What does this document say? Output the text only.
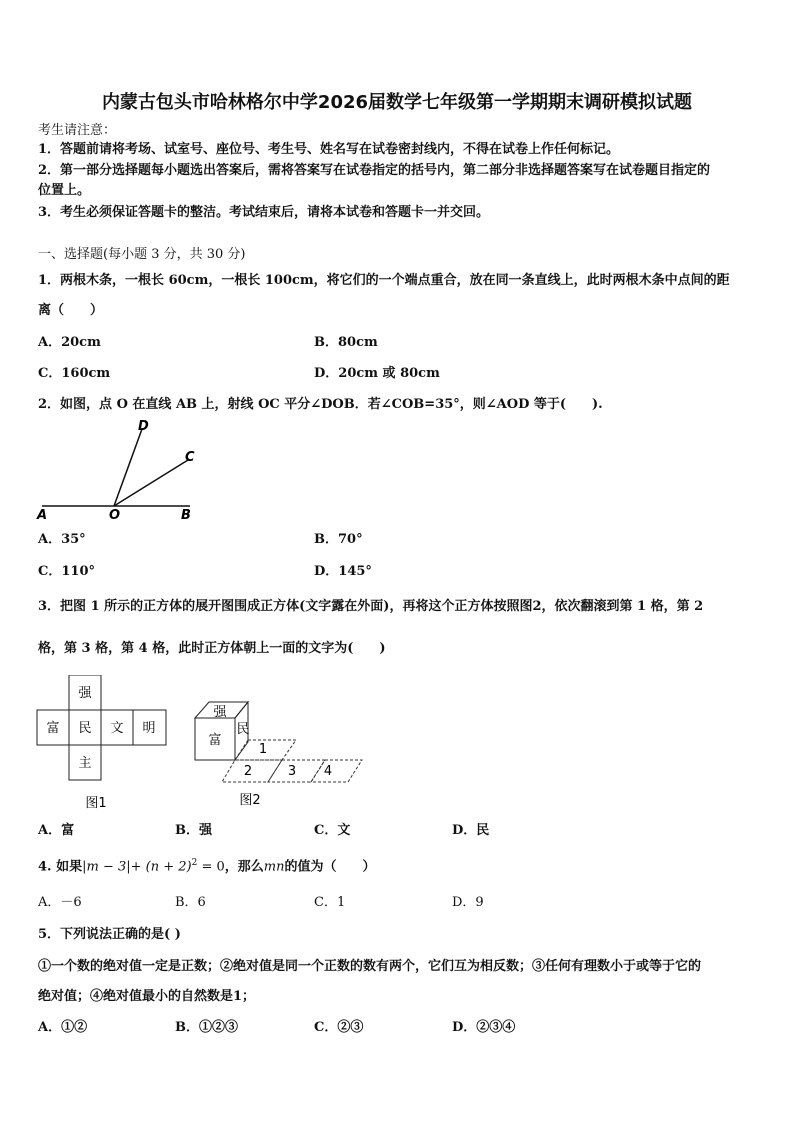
内蒙古包头市哈林格尔中学2026届数学七年级第一学期期末调研模拟试题
考生请注意：
1．答题前请将考场、试室号、座位号、考生号、姓名写在试卷密封线内，不得在试卷上作任何标记。
2．第一部分选择题每小题选出答案后，需将答案写在试卷指定的括号内，第二部分非选择题答案写在试卷题目指定的
位置上。
3．考生必须保证答题卡的整洁。考试结束后，请将本试卷和答题卡一并交回。
一、选择题(每小题 3 分，共 30 分)
1．两根木条，一根长 60cm，一根长 100cm，将它们的一个端点重合，放在同一条直线上，此时两根木条中点间的距
离（　　）
A．20cm	B．80cm
C．160cm	D．20cm 或 80cm
2．如图，点 O 在直线 AB 上，射线 OC 平分∠DOB．若∠COB=35°，则∠AOD 等于(　　).
A	O	B
C
D
A．35°	B．70°
C．110°	D．145°
3．把图 1 所示的正方体的展开图围成正方体(文字露在外面)，再将这个正方体按照图2，依次翻滚到第 1 格，第 2
格，第 3 格，第 4 格，此时正方体朝上一面的文字为(　　)
强
富 民 文 明
主
图1
强
富
民
1
2	3 4
图2
A．富	B．强	C．文	D．民
4. 如果$|m - 3|+ (n + 2)^2 = 0$，那么mn的值为（　　）
A．－6	B．6	C．1	D．9
5．下列说法正确的是( )
①一个数的绝对值一定是正数；②绝对值是同一个正数的数有两个，它们互为相反数；③任何有理数小于或等于它的
绝对值；④绝对值最小的自然数是1；
A．①②	B．①②③	C．②③	D．②③④
